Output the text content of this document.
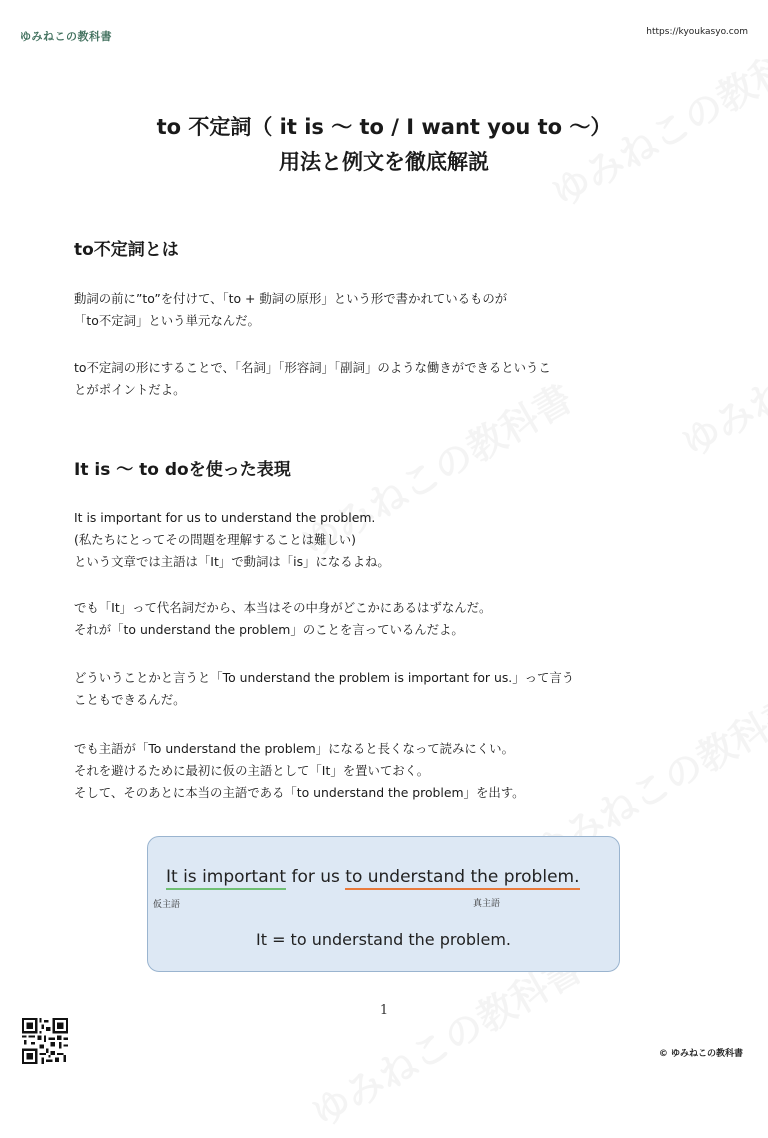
ゆみねこの教科書	https://kyoukasyo.com
to 不定詞（ it is 〜 to / I want you to 〜）
用法と例文を徹底解説
to不定詞とは
動詞の前に”to”を付けて、「to + 動詞の原形」という形で書かれているものが
「to不定詞」という単元なんだ。
to不定詞の形にすることで、「名詞」「形容詞」「副詞」のような働きができるというこ
とがポイントだよ。
It is 〜 to doを使った表現
It is important for us to understand the problem.
(私たちにとってその問題を理解することは難しい)
という文章では主語は「It」で動詞は「is」になるよね。
でも「It」って代名詞だから、本当はその中身がどこかにあるはずなんだ。
それが「to understand the problem」のことを言っているんだよ。
どういうことかと言うと「To understand the problem is important for us.」って言う
こともできるんだ。
でも主語が「To understand the problem」になると長くなって読みにくい。
それを避けるために最初に仮の主語として「It」を置いておく。
そして、そのあとに本当の主語である「to understand the problem」を出す。
It is important for us to understand the problem.
仮主語	真主語
It = to understand the problem.
1
© ゆみねこの教科書
